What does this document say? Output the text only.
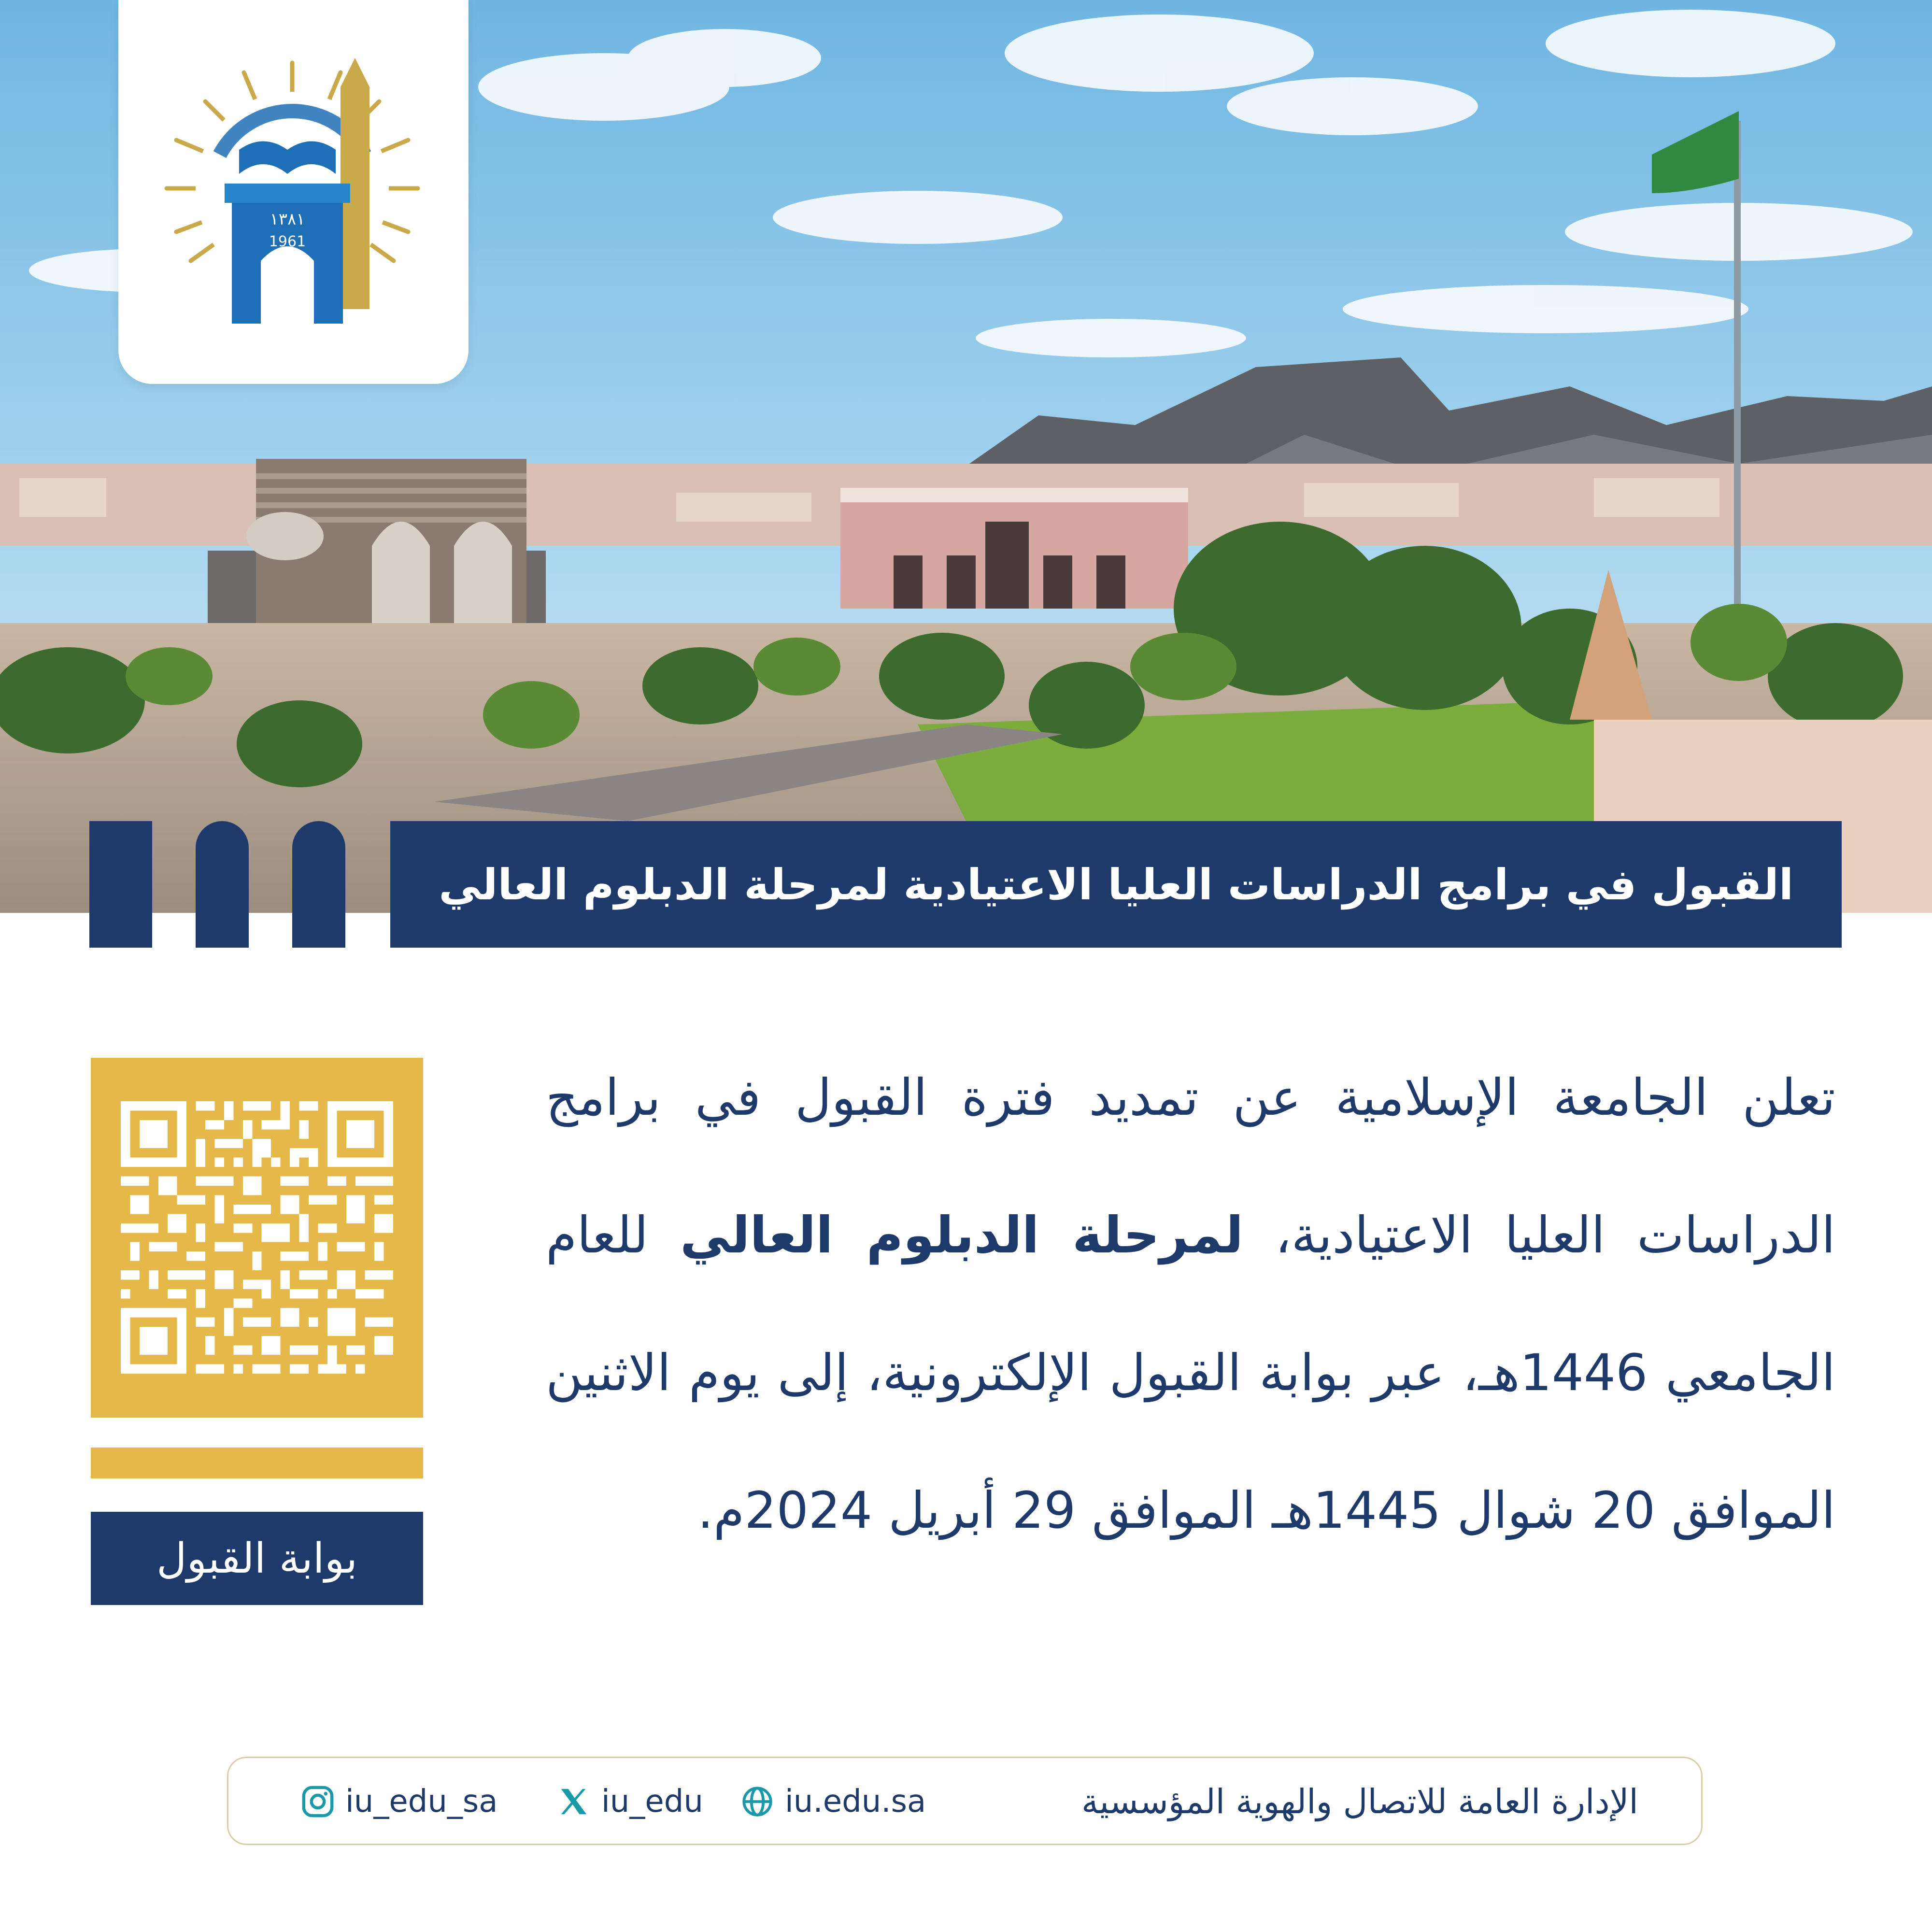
١٣٨١
1961
القبول في برامج الدراسات العليا الاعتيادية لمرحلة الدبلوم العالي
تعلن الجامعة الإسلامية عن تمديد فترة القبول في برامج
الدراسات العليا الاعتيادية، لمرحلة الدبلوم العالي للعام
الجامعي 1446هـ، عبر بوابة القبول الإلكترونية، إلى يوم الاثنين
الموافق 20 شوال 1445هـ الموافق 29 أبريل 2024م.
بوابة القبول
iu_edu_sa	iu_edu	iu.edu.sa	الإدارة العامة للاتصال والهوية المؤسسية
